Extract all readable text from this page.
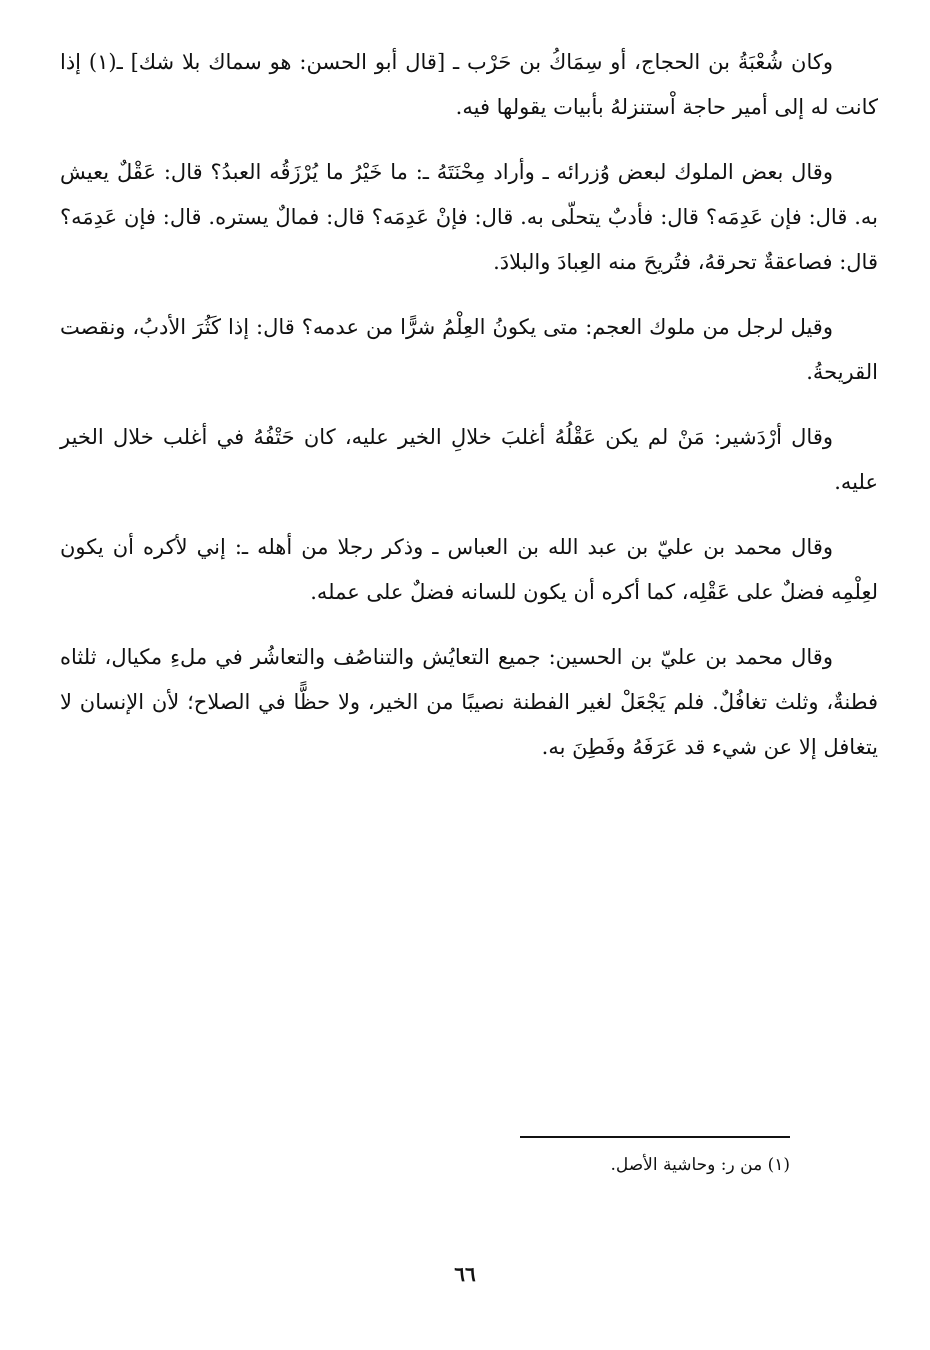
وكان شُعْبَةُ بن الحجاج، أو سِمَاكُ بن حَرْب ـ [قال أبو الحسن: هو سماك بلا شك] ـ(١) إذا كانت له إلى أمير حاجة اْستنزلهُ بأبيات يقولها فيه.

وقال بعض الملوك لبعض وُزرائه ـ وأراد مِحْنَتَهُ ـ: ما خَيْرُ ما يُرْزَقُه العبدُ؟ قال: عَقْلٌ يعيش به. قال: فإن عَدِمَه؟ قال: فأدبٌ يتحلّى به. قال: فإنْ عَدِمَه؟ قال: فمالٌ يستره. قال: فإن عَدِمَه؟ قال: فصاعقةٌ تحرقهُ، فتُريحَ منه العِبادَ والبلادَ.

وقيل لرجل من ملوك العجم: متى يكونُ العِلْمُ شرًّا من عدمه؟ قال: إذا كَثُرَ الأدبُ، ونقصت القريحةُ.

وقال أرْدَشير: مَنْ لم يكن عَقْلُهُ أغلبَ خلالِ الخير عليه، كان حَتْفُهُ في أغلب خلال الخير عليه.

وقال محمد بن عليّ بن عبد الله بن العباس ـ وذكر رجلا من أهله ـ: إني لأكره أن يكون لعِلْمِه فضلٌ على عَقْلِه، كما أكره أن يكون للسانه فضلٌ على عمله.

وقال محمد بن عليّ بن الحسين: جميع التعايُش والتناصُف والتعاشُر في ملءِ مكيال، ثلثاه فطنةٌ، وثلث تغافُلٌ. فلم يَجْعَلْ لغير الفطنة نصيبًا من الخير، ولا حظًّا في الصلاح؛ لأن الإنسان لا يتغافل إلا عن شيء قد عَرَفَهُ وفَطِنَ به.

(١) من ر: وحاشية الأصل.
٦٦
